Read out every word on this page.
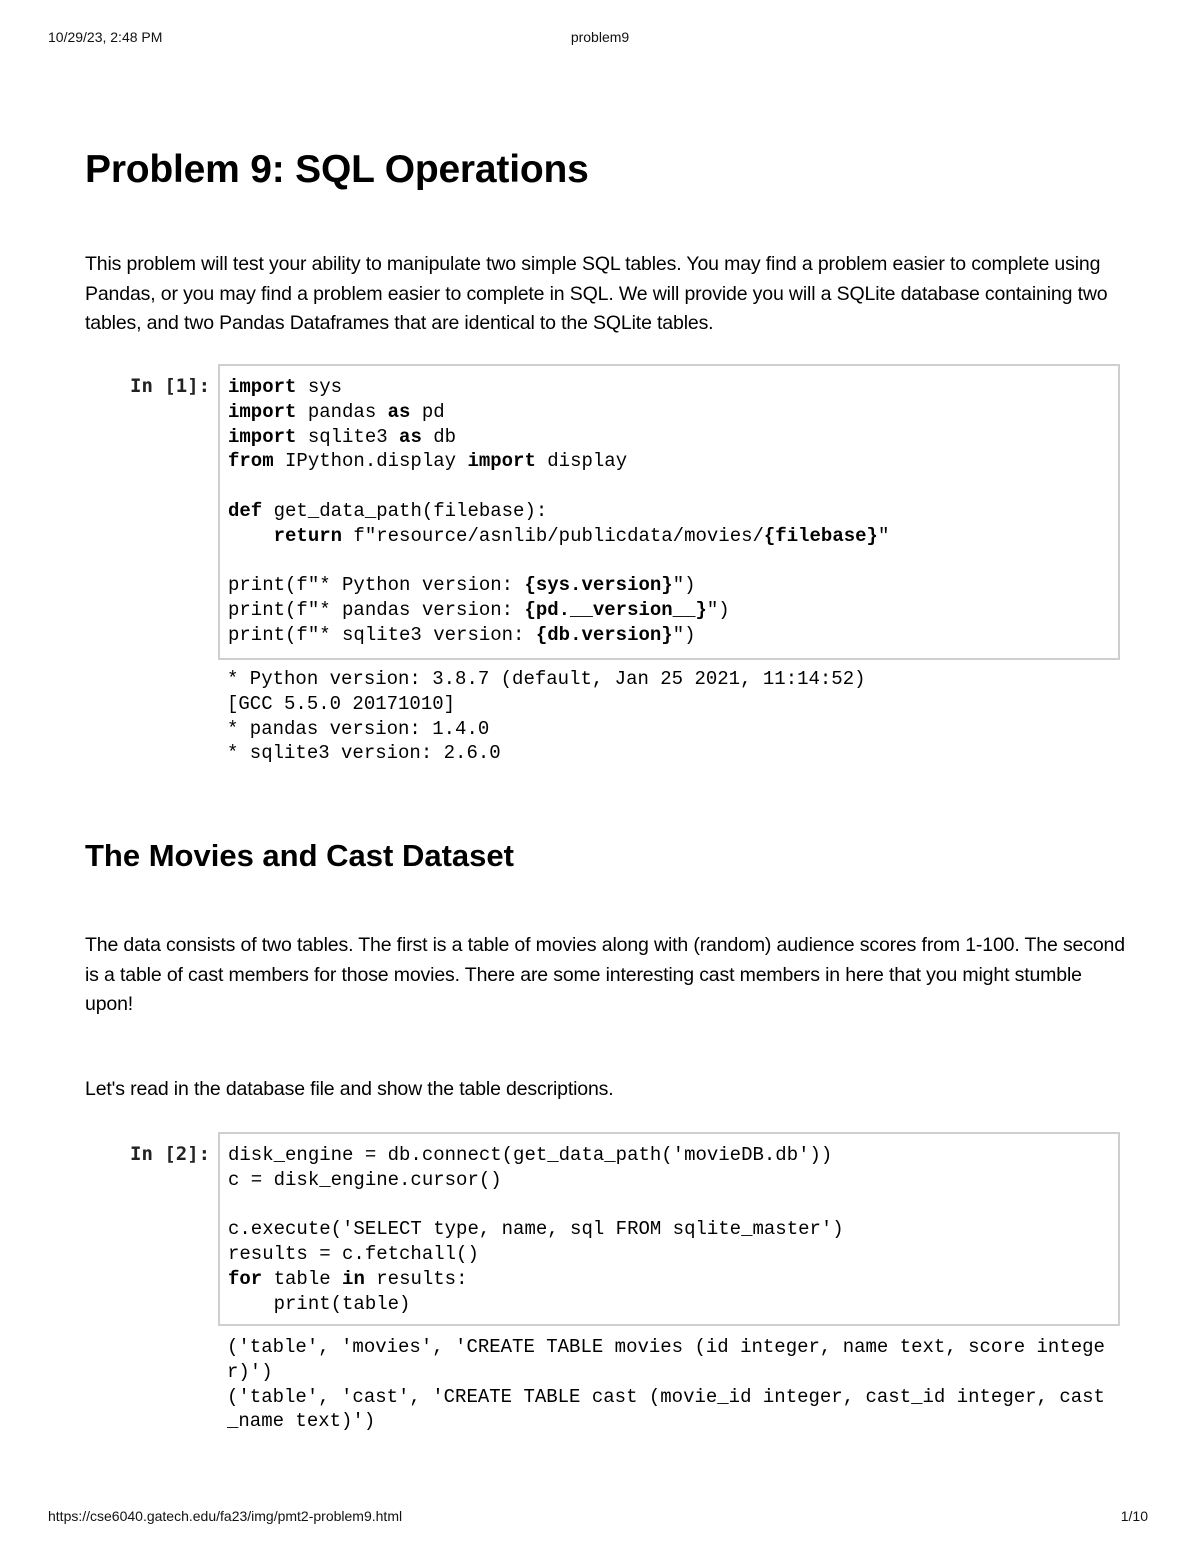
10/29/23, 2:48 PM	problem9
Problem 9: SQL Operations

This problem will test your ability to manipulate two simple SQL tables. You may find a problem easier to complete using Pandas, or you may find a problem easier to complete in SQL. We will provide you will a SQLite database containing two tables, and two Pandas Dataframes that are identical to the SQLite tables.

The Movies and Cast Dataset

The data consists of two tables. The first is a table of movies along with (random) audience scores from 1-100. The second is a table of cast members for those movies. There are some interesting cast members in here that you might stumble upon!

Let's read in the database file and show the table descriptions.

In [1]: import sys
import pandas as pd
import sqlite3 as db
from IPython.display import display

def get_data_path(filebase):
return f"resource/asnlib/publicdata/movies/{filebase}"

print(f"* Python version: {sys.version}")
print(f"* pandas version: {pd.__version__}")
print(f"* sqlite3 version: {db.version}")
* Python version: 3.8.7 (default, Jan 25 2021, 11:14:52)
[GCC 5.5.0 20171010]
* pandas version: 1.4.0
* sqlite3 version: 2.6.0
In [2]: disk_engine = db.connect(get_data_path('movieDB.db'))
c = disk_engine.cursor()

c.execute('SELECT type, name, sql FROM sqlite_master')
results = c.fetchall()
for table in results:
print(table)
('table', 'movies', 'CREATE TABLE movies (id integer, name text, score intege
r)')
('table', 'cast', 'CREATE TABLE cast (movie_id integer, cast_id integer, cast
_name text)')
https://cse6040.gatech.edu/fa23/img/pmt2-problem9.html	1/10
